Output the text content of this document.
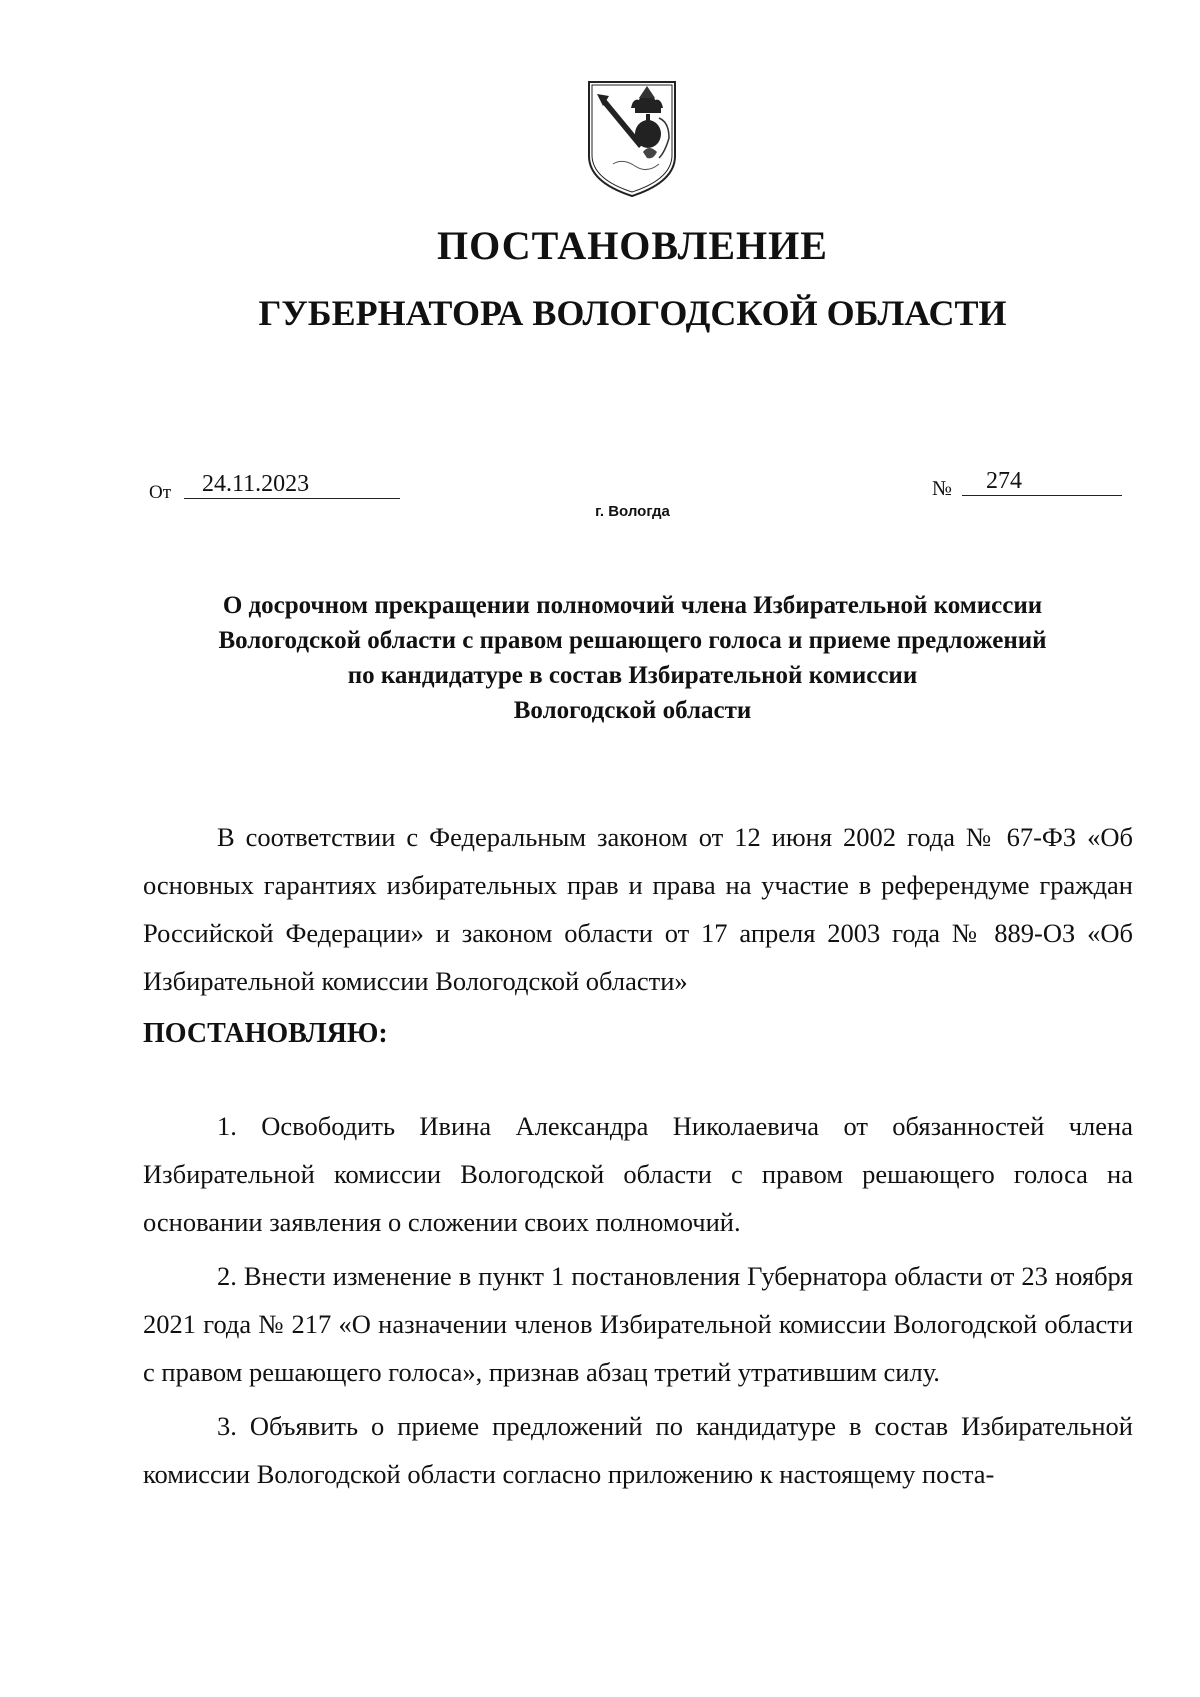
ПОСТАНОВЛЕНИЕ
ГУБЕРНАТОРА ВОЛОГОДСКОЙ ОБЛАСТИ
От	24.11.2023
г. Вологда
№	274
О досрочном прекращении полномочий члена Избирательной комиссии
Вологодской области с правом решающего голоса и приеме предложений
по кандидатуре в состав Избирательной комиссии
Вологодской области

В соответствии с Федеральным законом от 12 июня 2002 года № 67-ФЗ «Об основных гарантиях избирательных прав и права на участие в референдуме граждан Российской Федерации» и законом области от 17 апреля 2003 года № 889-ОЗ «Об Избирательной комиссии Вологодской области»

ПОСТАНОВЛЯЮ:

1. Освободить Ивина Александра Николаевича от обязанностей члена Избирательной комиссии Вологодской области с правом решающего голоса на основании заявления о сложении своих полномочий.

2. Внести изменение в пункт 1 постановления Губернатора области от 23 ноября 2021 года № 217 «О назначении членов Избирательной комиссии Вологодской области с правом решающего голоса», признав абзац третий утратившим силу.

3. Объявить о приеме предложений по кандидатуре в состав Избирательной комиссии Вологодской области согласно приложению к настоящему поста-
